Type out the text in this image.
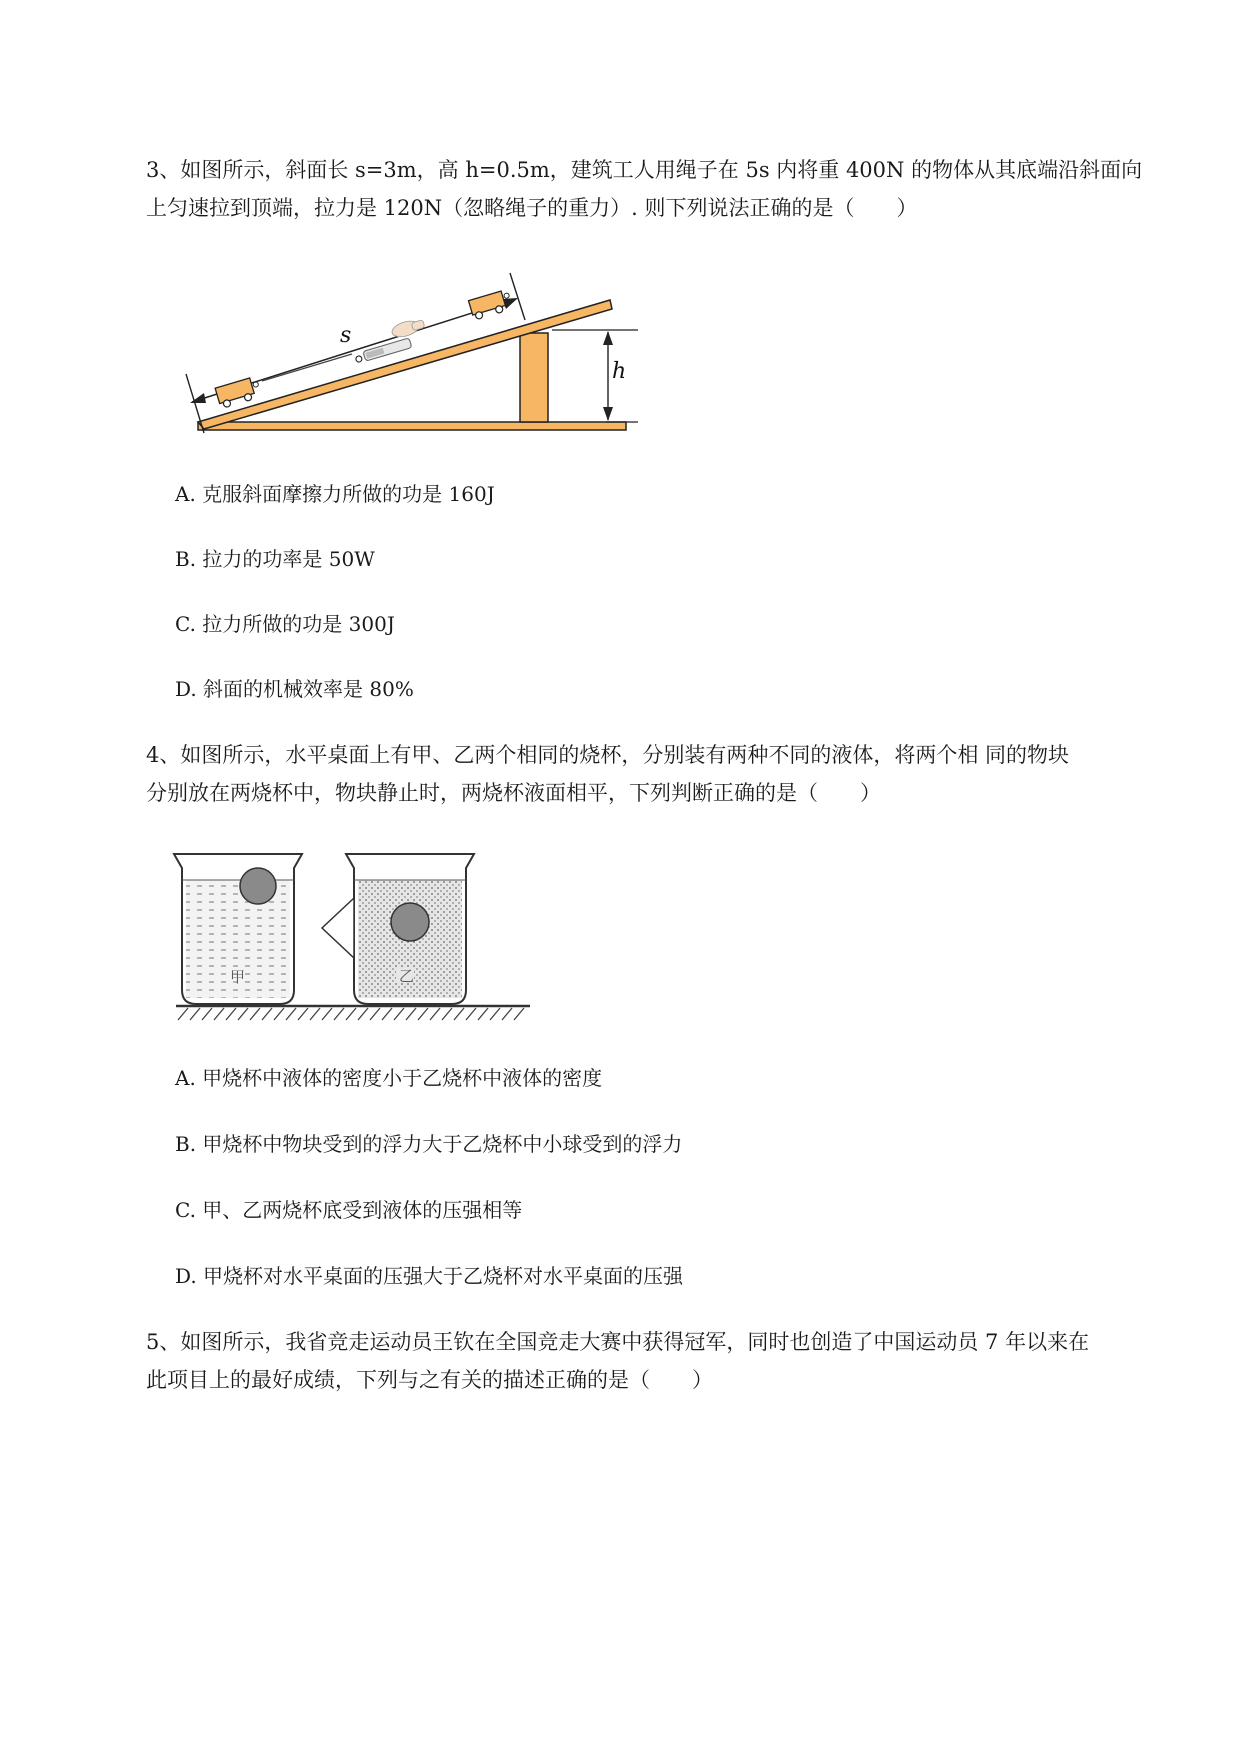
3、如图所示，斜面长 s=3m，高 h=0.5m，建筑工人用绳子在 5s 内将重 400N 的物体从其底端沿斜面向
上匀速拉到顶端，拉力是 120N（忽略绳子的重力）. 则下列说法正确的是（　　）
s
h
A. 克服斜面摩擦力所做的功是 160J
B. 拉力的功率是 50W
C. 拉力所做的功是 300J
D. 斜面的机械效率是 80%
4、如图所示，水平桌面上有甲、乙两个相同的烧杯，分别装有两种不同的液体，将两个相 同的物块
分别放在两烧杯中，物块静止时，两烧杯液面相平，下列判断正确的是（　　）
甲	乙
A. 甲烧杯中液体的密度小于乙烧杯中液体的密度
B. 甲烧杯中物块受到的浮力大于乙烧杯中小球受到的浮力
C. 甲、乙两烧杯底受到液体的压强相等
D. 甲烧杯对水平桌面的压强大于乙烧杯对水平桌面的压强
5、如图所示，我省竞走运动员王钦在全国竞走大赛中获得冠军，同时也创造了中国运动员 7 年以来在
此项目上的最好成绩，下列与之有关的描述正确的是（　　）
